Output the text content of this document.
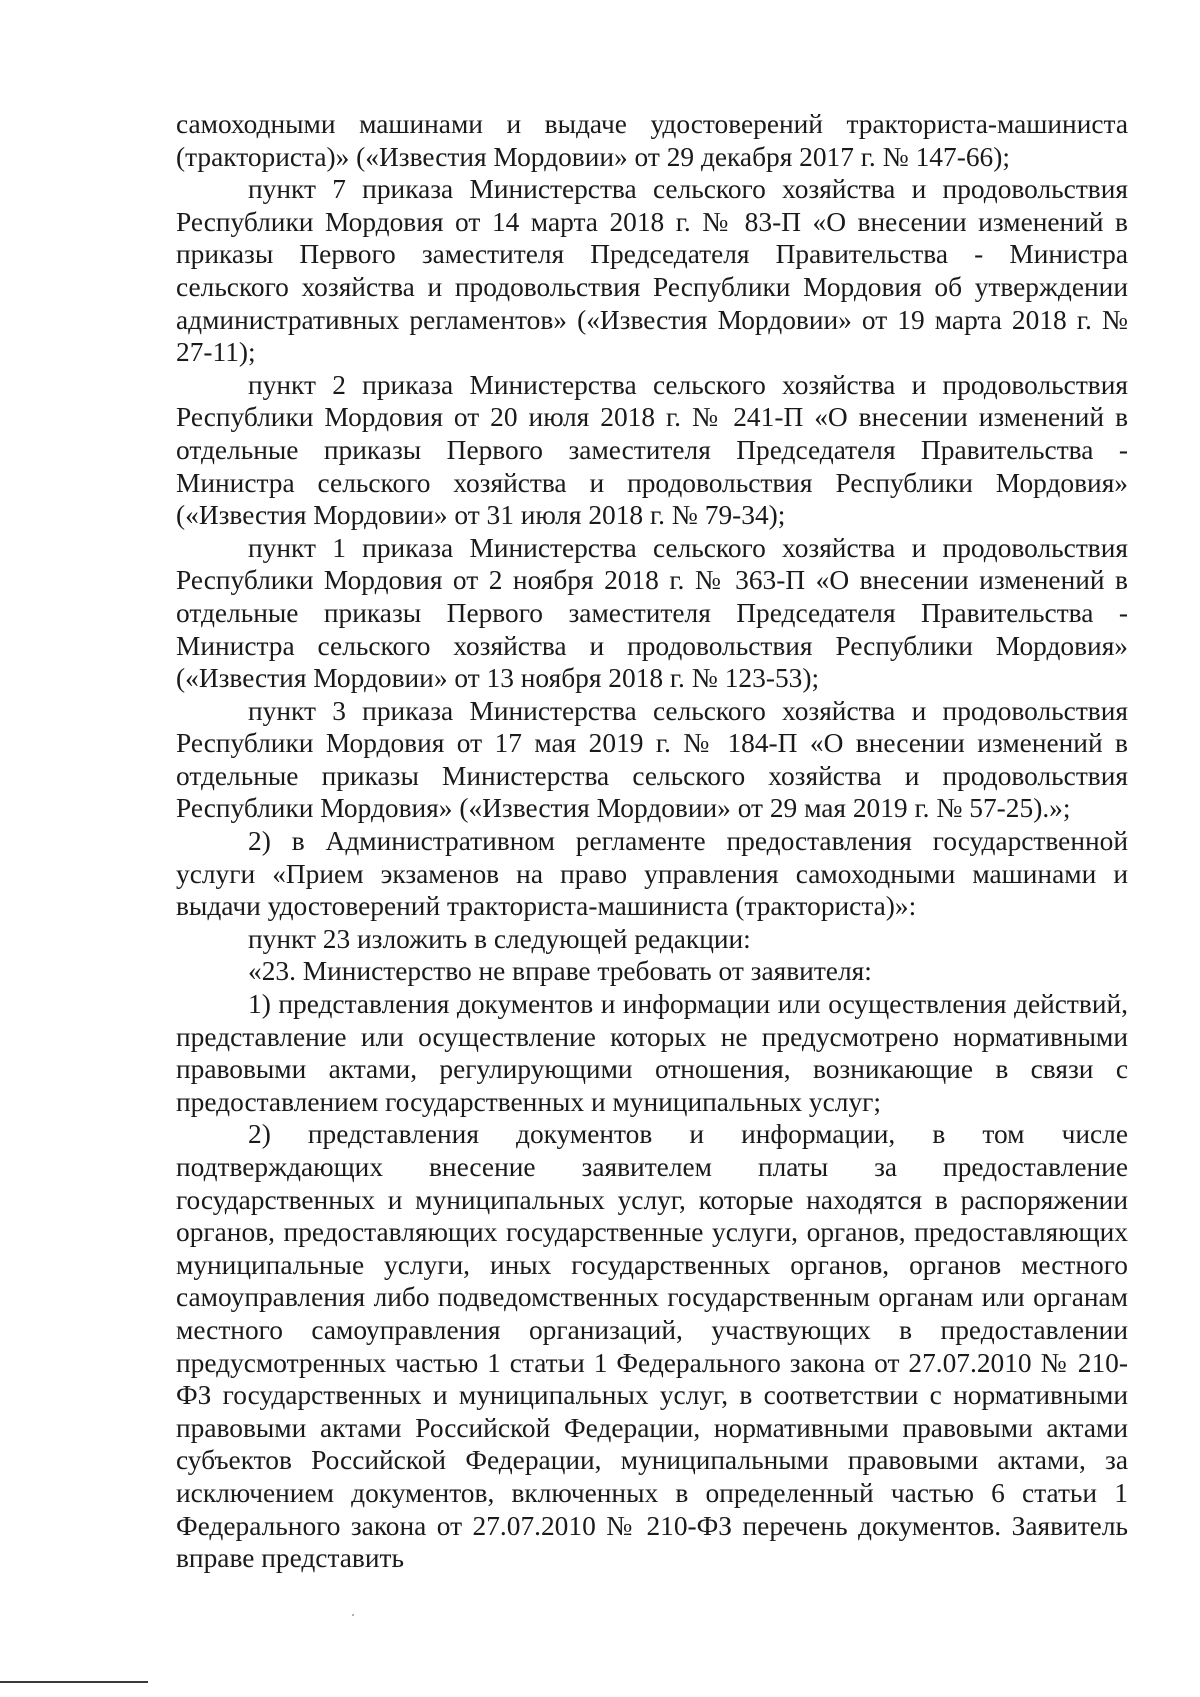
самоходными машинами и выдаче удостоверений тракториста-машиниста (тракториста)» («Известия Мордовии» от 29 декабря 2017 г. № 147-66);

пункт 7 приказа Министерства сельского хозяйства и продовольствия Республики Мордовия от 14 марта 2018 г. № 83-П «О внесении изменений в приказы Первого заместителя Председателя Правительства - Министра сельского хозяйства и продовольствия Республики Мордовия об утверждении административных регламентов» («Известия Мордовии» от 19 марта 2018 г. № 27-11);

пункт 2 приказа Министерства сельского хозяйства и продовольствия Республики Мордовия от 20 июля 2018 г. № 241-П «О внесении изменений в отдельные приказы Первого заместителя Председателя Правительства - Министра сельского хозяйства и продовольствия Республики Мордовия» («Известия Мордовии» от 31 июля 2018 г. № 79-34);

пункт 1 приказа Министерства сельского хозяйства и продовольствия Республики Мордовия от 2 ноября 2018 г. № 363-П «О внесении изменений в отдельные приказы Первого заместителя Председателя Правительства - Министра сельского хозяйства и продовольствия Республики Мордовия» («Известия Мордовии» от 13 ноября 2018 г. № 123-53);

пункт 3 приказа Министерства сельского хозяйства и продовольствия Республики Мордовия от 17 мая 2019 г. № 184-П «О внесении изменений в отдельные приказы Министерства сельского хозяйства и продовольствия Республики Мордовия» («Известия Мордовии» от 29 мая 2019 г. № 57-25).»;

2) в Административном регламенте предоставления государственной услуги «Прием экзаменов на право управления самоходными машинами и выдачи удостоверений тракториста-машиниста (тракториста)»:

пункт 23 изложить в следующей редакции:

«23. Министерство не вправе требовать от заявителя:

1) представления документов и информации или осуществления действий, представление или осуществление которых не предусмотрено нормативными правовыми актами, регулирующими отношения, возникающие в связи с предоставлением государственных и муниципальных услуг;

2) представления документов и информации, в том числе подтверждающих внесение заявителем платы за предоставление государственных и муниципальных услуг, которые находятся в распоряжении органов, предоставляющих государственные услуги, органов, предоставляющих муниципальные услуги, иных государственных органов, органов местного самоуправления либо подведомственных государственным органам или органам местного самоуправления организаций, участвующих в предоставлении предусмотренных частью 1 статьи 1 Федерального закона от 27.07.2010 № 210-ФЗ государственных и муниципальных услуг, в соответствии с нормативными правовыми актами Российской Федерации, нормативными правовыми актами субъектов Российской Федерации, муниципальными правовыми актами, за исключением документов, включенных в определенный частью 6 статьи 1 Федерального закона от 27.07.2010 № 210-ФЗ перечень документов. Заявитель вправе представить
